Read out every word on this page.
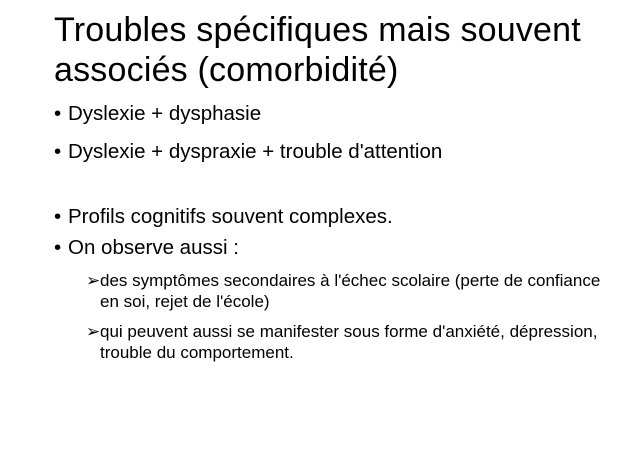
Troubles spécifiques mais souvent associés (comorbidité)
• Dyslexie + dysphasie
• Dyslexie + dyspraxie + trouble d'attention
• Profils cognitifs souvent complexes.
• On observe aussi :
➢ des symptômes secondaires à l'échec scolaire (perte de confiance en soi, rejet de l'école)
➢ qui peuvent aussi se manifester sous forme d'anxiété, dépression, trouble du comportement.
